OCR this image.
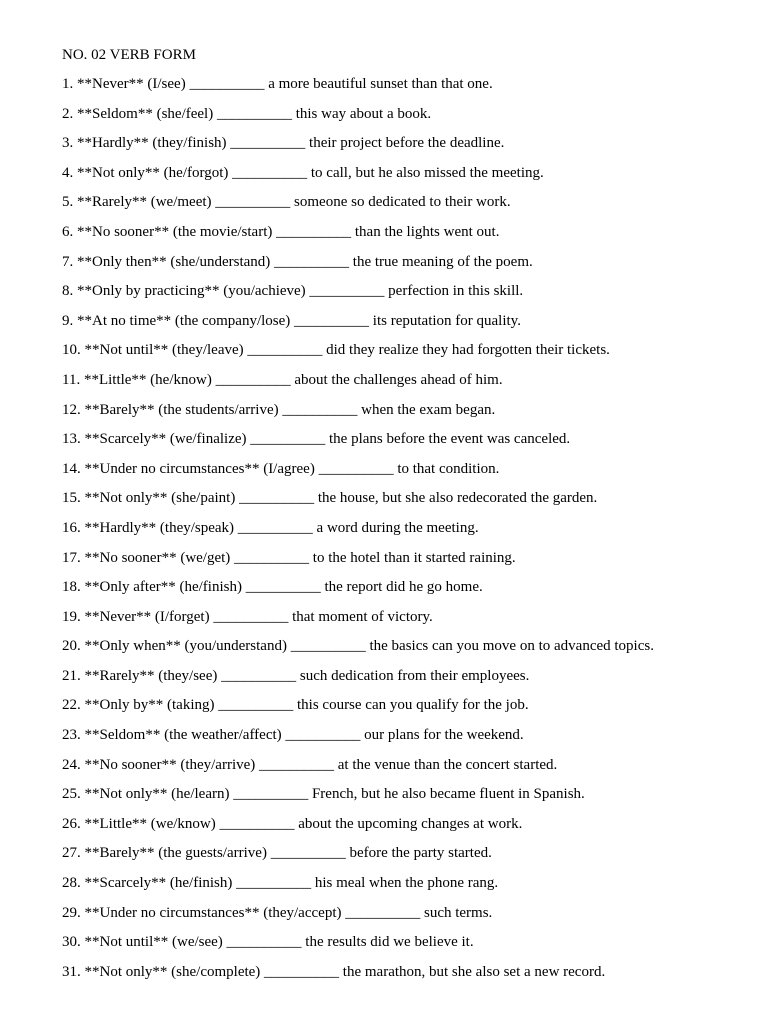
NO. 02 VERB FORM
1. **Never** (I/see) __________ a more beautiful sunset than that one.
2. **Seldom** (she/feel) __________ this way about a book.
3. **Hardly** (they/finish) __________ their project before the deadline.
4. **Not only** (he/forgot) __________ to call, but he also missed the meeting.
5. **Rarely** (we/meet) __________ someone so dedicated to their work.
6. **No sooner** (the movie/start) __________ than the lights went out.
7. **Only then** (she/understand) __________ the true meaning of the poem.
8. **Only by practicing** (you/achieve) __________ perfection in this skill.
9. **At no time** (the company/lose) __________ its reputation for quality.
10. **Not until** (they/leave) __________ did they realize they had forgotten their tickets.
11. **Little** (he/know) __________ about the challenges ahead of him.
12. **Barely** (the students/arrive) __________ when the exam began.
13. **Scarcely** (we/finalize) __________ the plans before the event was canceled.
14. **Under no circumstances** (I/agree) __________ to that condition.
15. **Not only** (she/paint) __________ the house, but she also redecorated the garden.
16. **Hardly** (they/speak) __________ a word during the meeting.
17. **No sooner** (we/get) __________ to the hotel than it started raining.
18. **Only after** (he/finish) __________ the report did he go home.
19. **Never** (I/forget) __________ that moment of victory.
20. **Only when** (you/understand) __________ the basics can you move on to advanced topics.
21. **Rarely** (they/see) __________ such dedication from their employees.
22. **Only by** (taking) __________ this course can you qualify for the job.
23. **Seldom** (the weather/affect) __________ our plans for the weekend.
24. **No sooner** (they/arrive) __________ at the venue than the concert started.
25. **Not only** (he/learn) __________ French, but he also became fluent in Spanish.
26. **Little** (we/know) __________ about the upcoming changes at work.
27. **Barely** (the guests/arrive) __________ before the party started.
28. **Scarcely** (he/finish) __________ his meal when the phone rang.
29. **Under no circumstances** (they/accept) __________ such terms.
30. **Not until** (we/see) __________ the results did we believe it.
31. **Not only** (she/complete) __________ the marathon, but she also set a new record.
